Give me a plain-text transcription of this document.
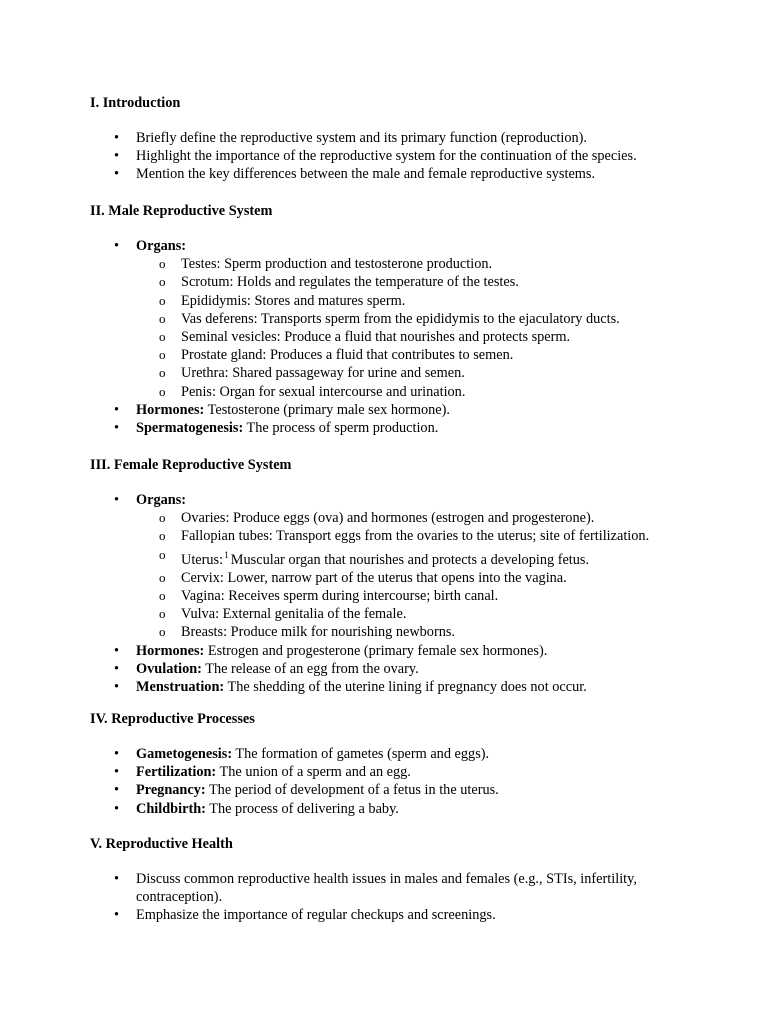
I. Introduction
• Briefly define the reproductive system and its primary function (reproduction).
• Highlight the importance of the reproductive system for the continuation of the species.
• Mention the key differences between the male and female reproductive systems.
II. Male Reproductive System
• Organs:
o Testes: Sperm production and testosterone production.
o Scrotum: Holds and regulates the temperature of the testes.
o Epididymis: Stores and matures sperm.
o Vas deferens: Transports sperm from the epididymis to the ejaculatory ducts.
o Seminal vesicles: Produce a fluid that nourishes and protects sperm.
o Prostate gland: Produces a fluid that contributes to semen.
o Urethra: Shared passageway for urine and semen.
o Penis: Organ for sexual intercourse and urination.
• Hormones: Testosterone (primary male sex hormone).
• Spermatogenesis: The process of sperm production.
III. Female Reproductive System
• Organs:
o Ovaries: Produce eggs (ova) and hormones (estrogen and progesterone).
o Fallopian tubes: Transport eggs from the ovaries to the uterus; site of fertilization.
o Uterus: $^1$ Muscular organ that nourishes and protects a developing fetus.
o Cervix: Lower, narrow part of the uterus that opens into the vagina.
o Vagina: Receives sperm during intercourse; birth canal.
o Vulva: External genitalia of the female.
o Breasts: Produce milk for nourishing newborns.
• Hormones: Estrogen and progesterone (primary female sex hormones).
• Ovulation: The release of an egg from the ovary.
• Menstruation: The shedding of the uterine lining if pregnancy does not occur.
IV. Reproductive Processes
• Gametogenesis: The formation of gametes (sperm and eggs).
• Fertilization: The union of a sperm and an egg.
• Pregnancy: The period of development of a fetus in the uterus.
• Childbirth: The process of delivering a baby.
V. Reproductive Health
• Discuss common reproductive health issues in males and females (e.g., STIs, infertility, contraception).
• Emphasize the importance of regular checkups and screenings.
